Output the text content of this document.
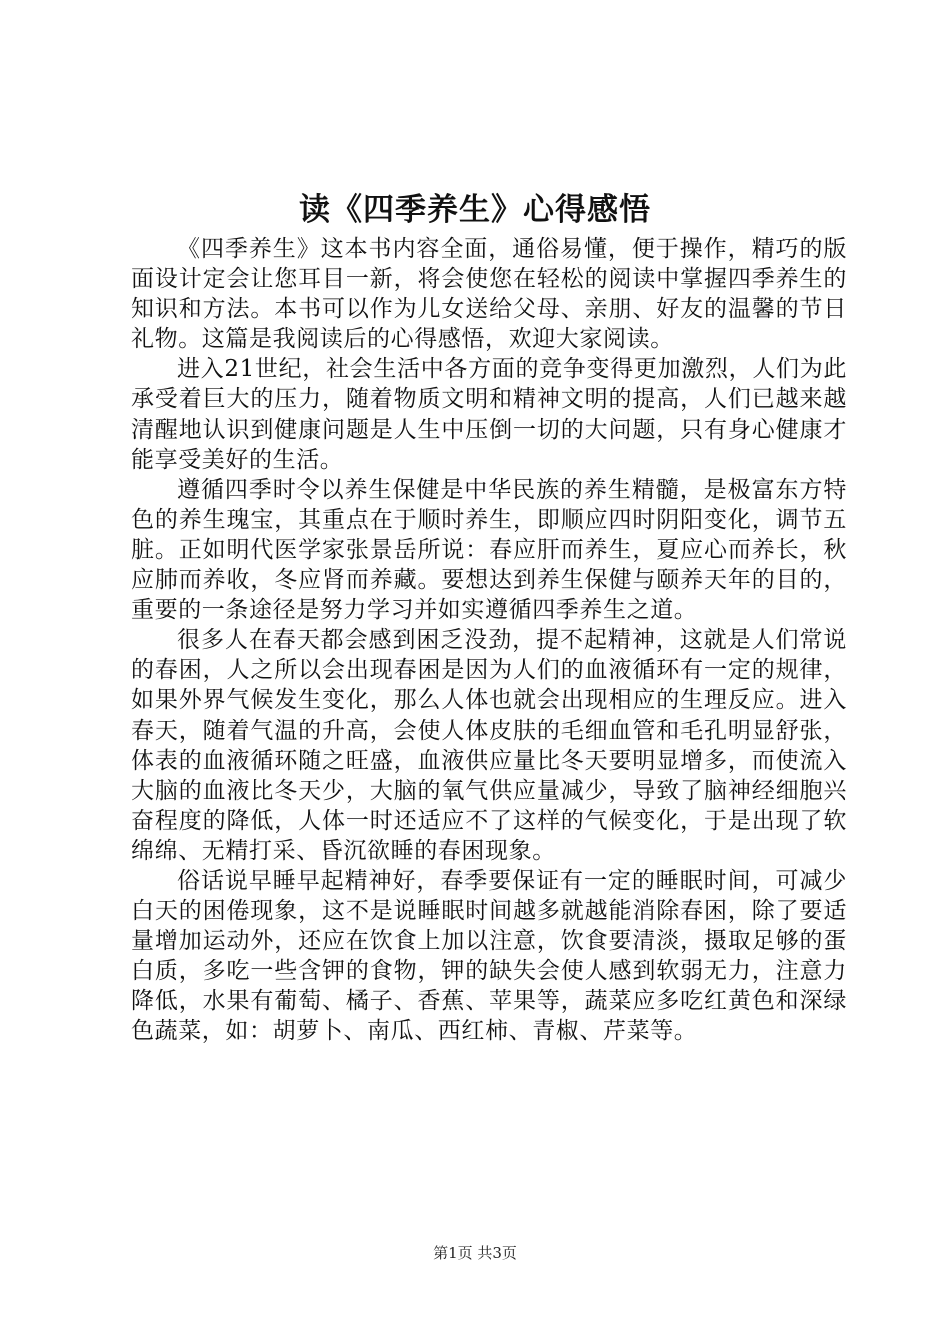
读《四季养生》心得感悟

《四季养生》这本书内容全面，通俗易懂，便于操作，精巧的版面设计定会让您耳目一新，将会使您在轻松的阅读中掌握四季养生的知识和方法。本书可以作为儿女送给父母、亲朋、好友的温馨的节日礼物。这篇是我阅读后的心得感悟，欢迎大家阅读。

进入21世纪，社会生活中各方面的竞争变得更加激烈，人们为此承受着巨大的压力，随着物质文明和精神文明的提高，人们已越来越清醒地认识到健康问题是人生中压倒一切的大问题，只有身心健康才能享受美好的生活。

遵循四季时令以养生保健是中华民族的养生精髓，是极富东方特色的养生瑰宝，其重点在于顺时养生，即顺应四时阴阳变化，调节五脏。正如明代医学家张景岳所说：春应肝而养生，夏应心而养长，秋应肺而养收，冬应肾而养藏。要想达到养生保健与颐养天年的目的，重要的一条途径是努力学习并如实遵循四季养生之道。

很多人在春天都会感到困乏没劲，提不起精神，这就是人们常说的春困，人之所以会出现春困是因为人们的血液循环有一定的规律，如果外界气候发生变化，那么人体也就会出现相应的生理反应。进入春天，随着气温的升高，会使人体皮肤的毛细血管和毛孔明显舒张，体表的血液循环随之旺盛，血液供应量比冬天要明显增多，而使流入大脑的血液比冬天少，大脑的氧气供应量减少，导致了脑神经细胞兴奋程度的降低，人体一时还适应不了这样的气候变化，于是出现了软绵绵、无精打采、昏沉欲睡的春困现象。

俗话说早睡早起精神好，春季要保证有一定的睡眠时间，可减少白天的困倦现象，这不是说睡眠时间越多就越能消除春困，除了要适量增加运动外，还应在饮食上加以注意，饮食要清淡，摄取足够的蛋白质，多吃一些含钾的食物，钾的缺失会使人感到软弱无力，注意力降低，水果有葡萄、橘子、香蕉、苹果等，蔬菜应多吃红黄色和深绿色蔬菜，如：胡萝卜、南瓜、西红柿、青椒、芹菜等。

第1页 共3页
